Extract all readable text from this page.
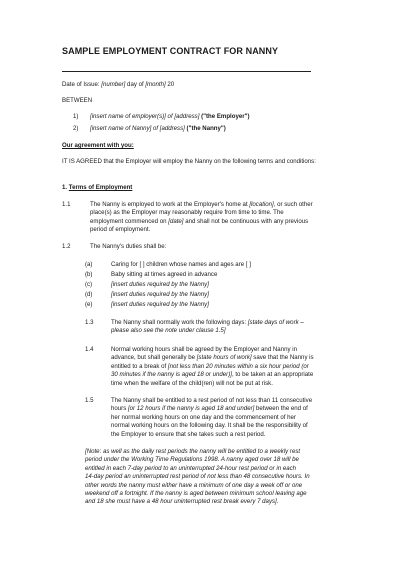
SAMPLE EMPLOYMENT CONTRACT FOR NANNY
Date of Issue: [number] day of [month] 20
BETWEEN
1) [insert name of employer(s)] of [address] ("the Employer")
2) [insert name of Nanny] of [address] ("the Nanny")
Our agreement with you:
IT IS AGREED that the Employer will employ the Nanny on the following terms and conditions:
1. Terms of Employment
1.1	The Nanny is employed to work at the Employer's home at [location], or such other
place(s) as the Employer may reasonably require from time to time. The
employment commenced on [date] and shall not be continuous with any previous
period of employment.
1.2	The Nanny's duties shall be:
(a)	Caring for [ ] children whose names and ages are [ ]
(b)	Baby sitting at times agreed in advance
(c)	[insert duties required by the Nanny]
(d)	[insert duties required by the Nanny]
(e)	[insert duties required by the Nanny]
1.3	The Nanny shall normally work the following days: [state days of work –
please also see the note under clause 1.5]
1.4	Normal working hours shall be agreed by the Employer and Nanny in
advance, but shall generally be [state hours of work] save that the Nanny is
entitled to a break of [not less than 20 minutes within a six hour period (or
30 minutes if the nanny is aged 18 or under)], to be taken at an appropriate
time when the welfare of the child(ren) will not be put at risk.
1.5	The Nanny shall be entitled to a rest period of not less than 11 consecutive
hours [or 12 hours if the nanny is aged 18 and under] between the end of
her normal working hours on one day and the commencement of her
normal working hours on the following day. It shall be the responsibility of
the Employer to ensure that she takes such a rest period.
[Note: as well as the daily rest periods the nanny will be entitled to a weekly rest
period under the Working Time Regulations 1998. A nanny aged over 18 will be
entitled in each 7-day period to an uninterrupted 24-hour rest period or in each
14-day period an uninterrupted rest period of not less than 48 consecutive hours. In
other words the nanny must either have a minimum of one day a week off or one
weekend off a fortnight. If the nanny is aged between minimum school leaving age
and 18 she must have a 48 hour uninterrupted rest break every 7 days].
